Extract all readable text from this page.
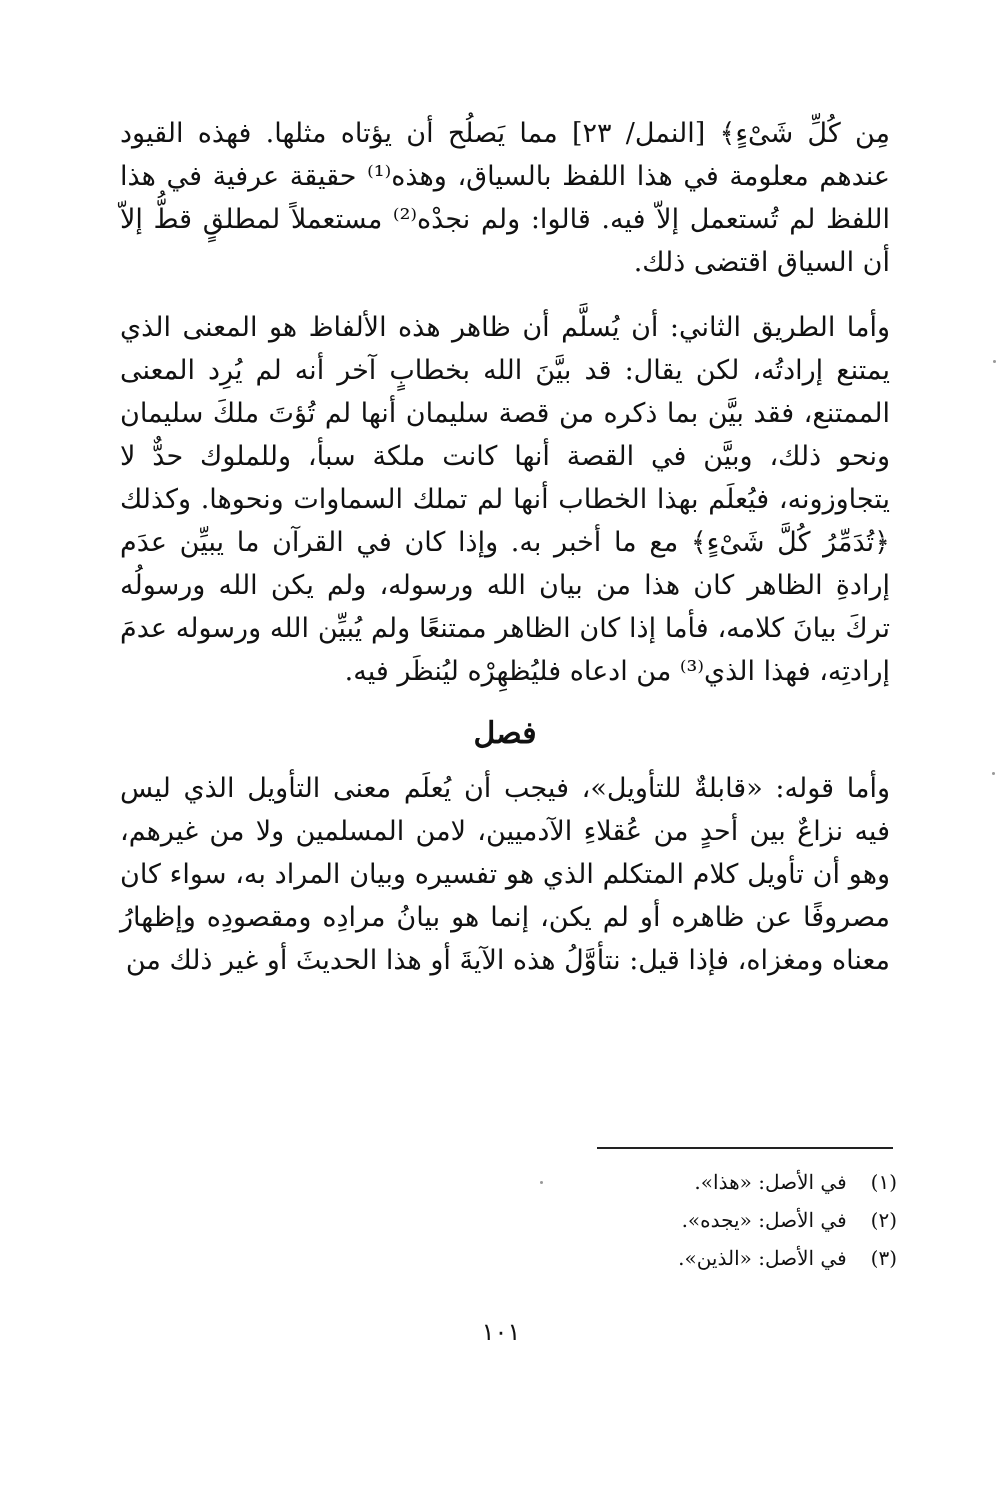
مِن كُلِّ شَىْءٍ﴾ [النمل/ ٢٣] مما يَصلُح أن يؤتاه مثلها. فهذه القيود عندهم معلومة في هذا اللفظ بالسياق، وهذه⁽¹⁾ حقيقة عرفية في هذا اللفظ لم تُستعمل إلاّ فيه. قالوا: ولم نجدْه⁽²⁾ مستعملاً لمطلقٍ قطُّ إلاّ أن السياق اقتضى ذلك.

وأما الطريق الثاني: أن يُسلَّم أن ظاهر هذه الألفاظ هو المعنى الذي يمتنع إرادتُه، لكن يقال: قد بيَّنَ الله بخطابٍ آخر أنه لم يُرِد المعنى الممتنع، فقد بيَّن بما ذكره من قصة سليمان أنها لم تُؤتَ ملكَ سليمان ونحو ذلك، وبيَّن في القصة أنها كانت ملكة سبأ، وللملوك حدٌّ لا يتجاوزونه، فيُعلَم بهذا الخطاب أنها لم تملك السماوات ونحوها. وكذلك ﴿تُدَمِّرُ كُلَّ شَىْءٍ﴾ مع ما أخبر به. وإذا كان في القرآن ما يبيِّن عدَم إرادةِ الظاهر كان هذا من بيان الله ورسوله، ولم يكن الله ورسولُه تركَ بيانَ كلامه، فأما إذا كان الظاهر ممتنعًا ولم يُبيِّن الله ورسوله عدمَ إرادتِه، فهذا الذي⁽³⁾ من ادعاه فليُظهِرْه ليُنظَر فيه.

فصل

وأما قوله: «قابلةٌ للتأويل»، فيجب أن يُعلَم معنى التأويل الذي ليس فيه نزاعٌ بين أحدٍ من عُقلاءِ الآدميين، لامن المسلمين ولا من غيرهم، وهو أن تأويل كلام المتكلم الذي هو تفسيره وبيان المراد به، سواء كان مصروفًا عن ظاهره أو لم يكن، إنما هو بيانُ مرادِه ومقصودِه وإظهارُ معناه ومغزاه، فإذا قيل: نتأوَّلُ هذه الآيةَ أو هذا الحديثَ أو غير ذلك من

(١) في الأصل: «هذا».
(٢) في الأصل: «يجده».
(٣) في الأصل: «الذين».
١٠١
